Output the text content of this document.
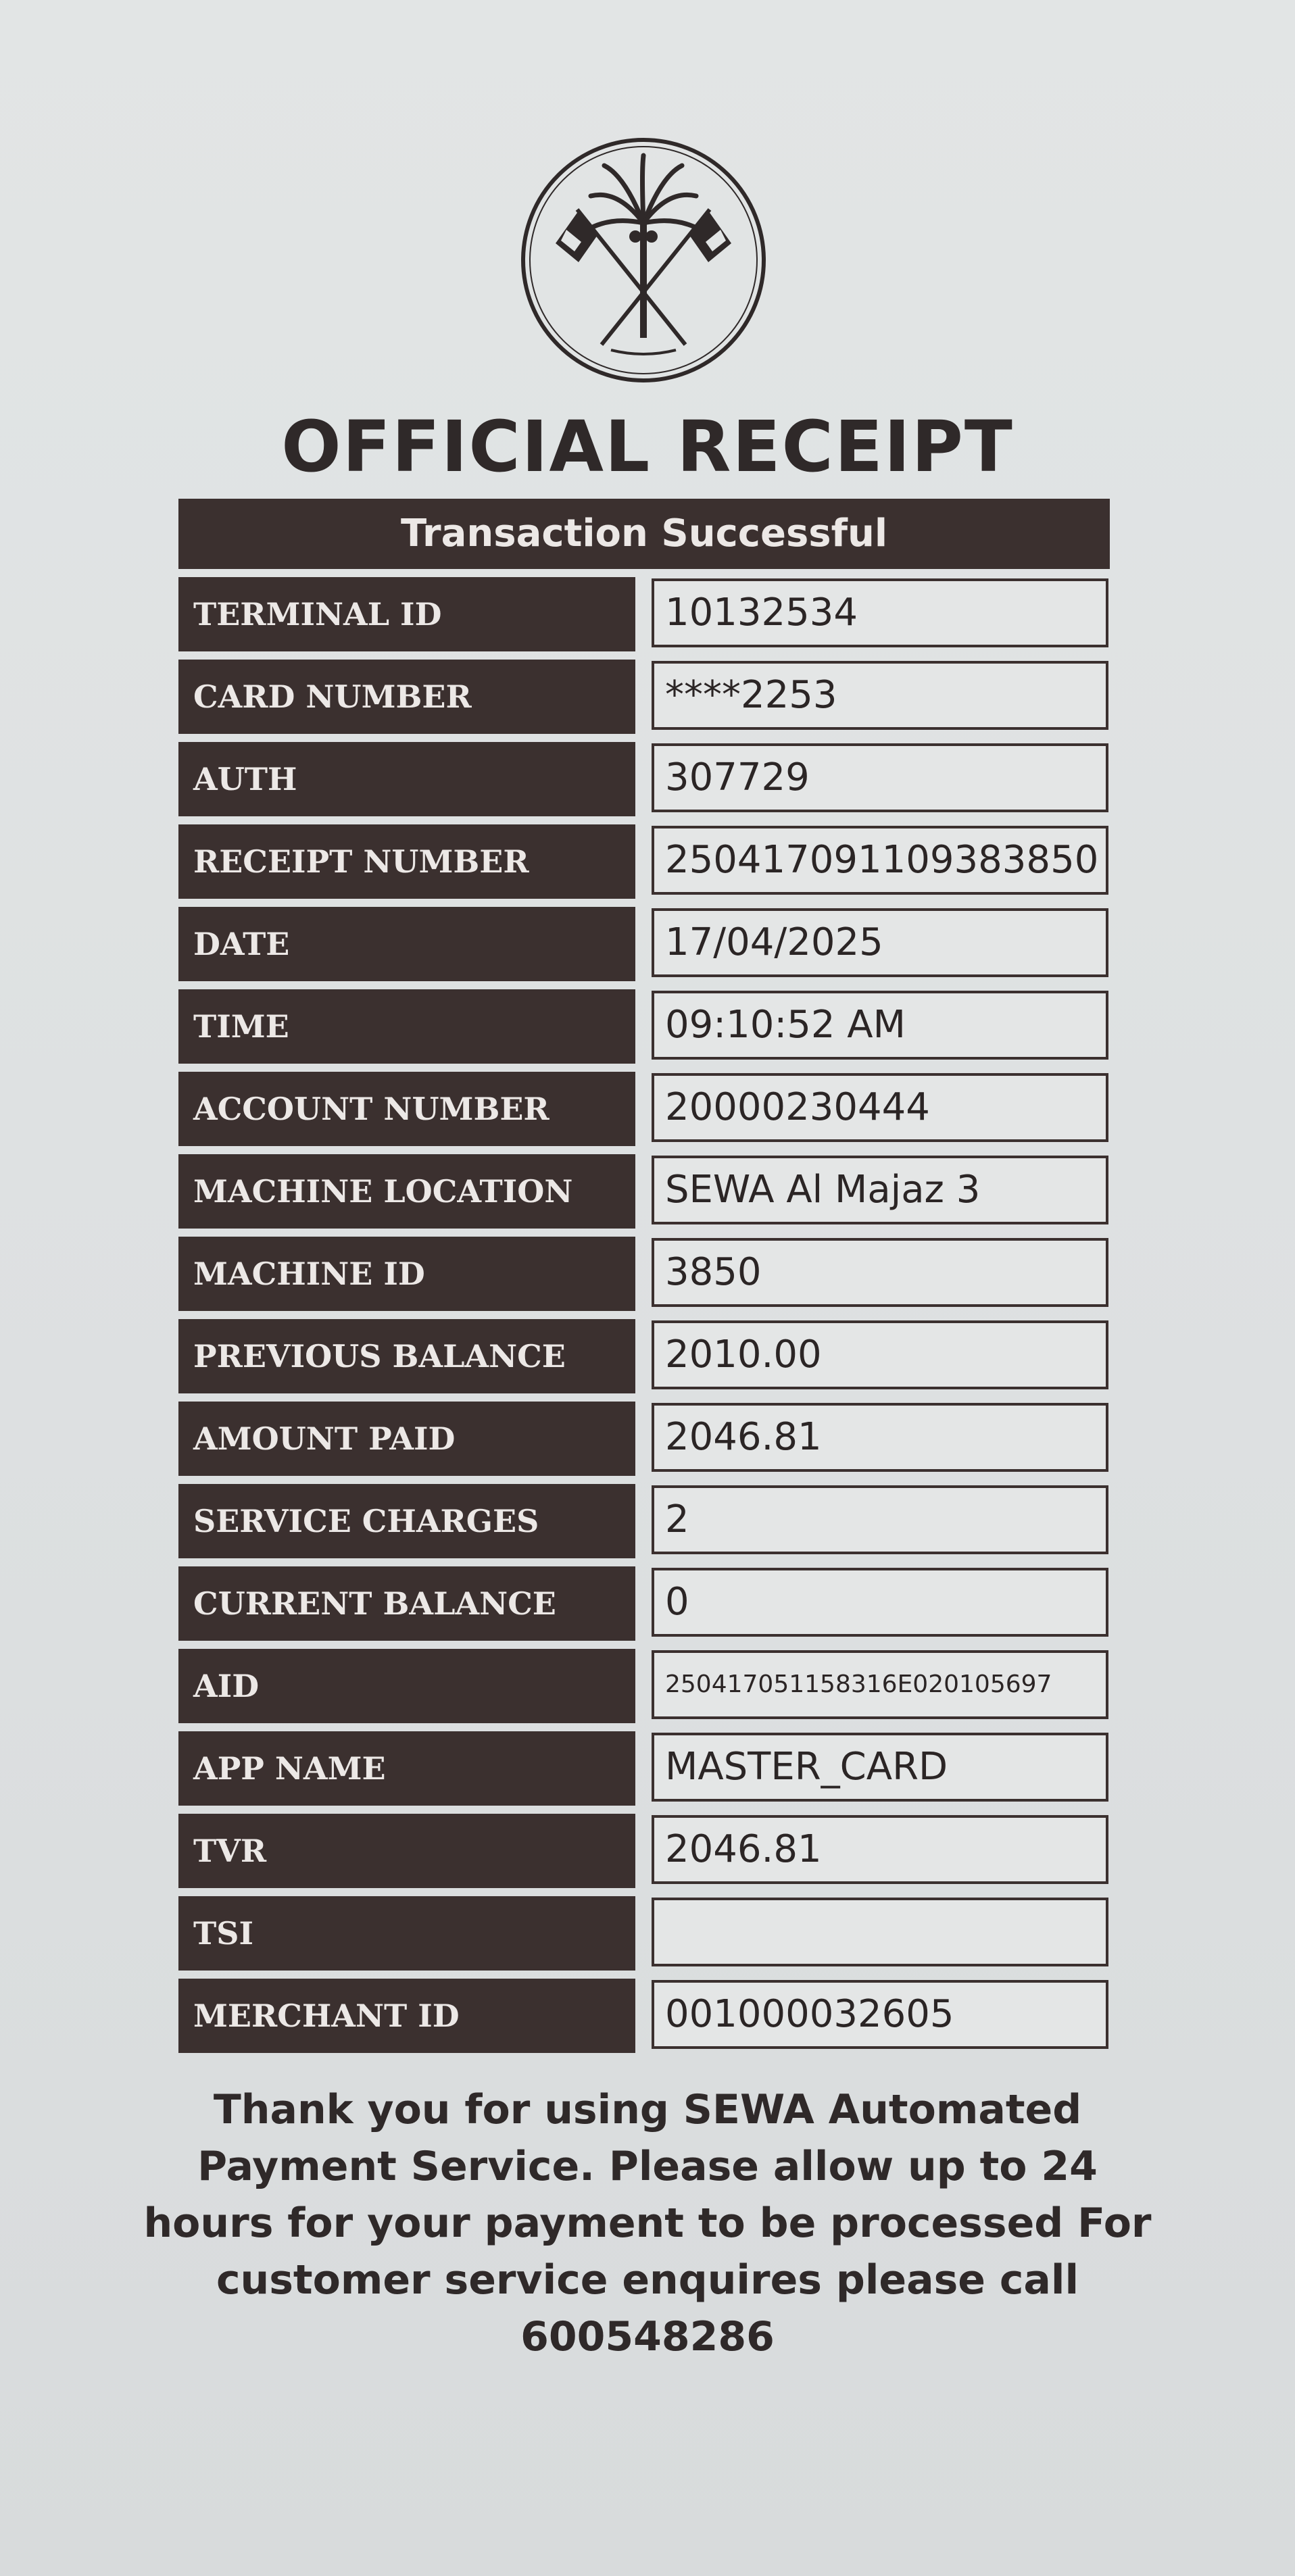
OFFICIAL RECEIPT
Transaction Successful
TERMINAL ID	10132534
CARD NUMBER	****2253
AUTH	307729
RECEIPT NUMBER	250417091109383850
DATE	17/04/2025
TIME	09:10:52 AM
ACCOUNT NUMBER	20000230444
MACHINE LOCATION	SEWA Al Majaz 3
MACHINE ID	3850
PREVIOUS BALANCE	2010.00
AMOUNT PAID	2046.81
SERVICE CHARGES	2
CURRENT BALANCE	0
AID	250417051158316E020105697
APP NAME	MASTER_CARD
TVR	2046.81
TSI
MERCHANT ID	001000032605
Thank you for using SEWA Automated Payment Service. Please allow up to 24 hours for your payment to be processed For customer service enquires please call 600548286
